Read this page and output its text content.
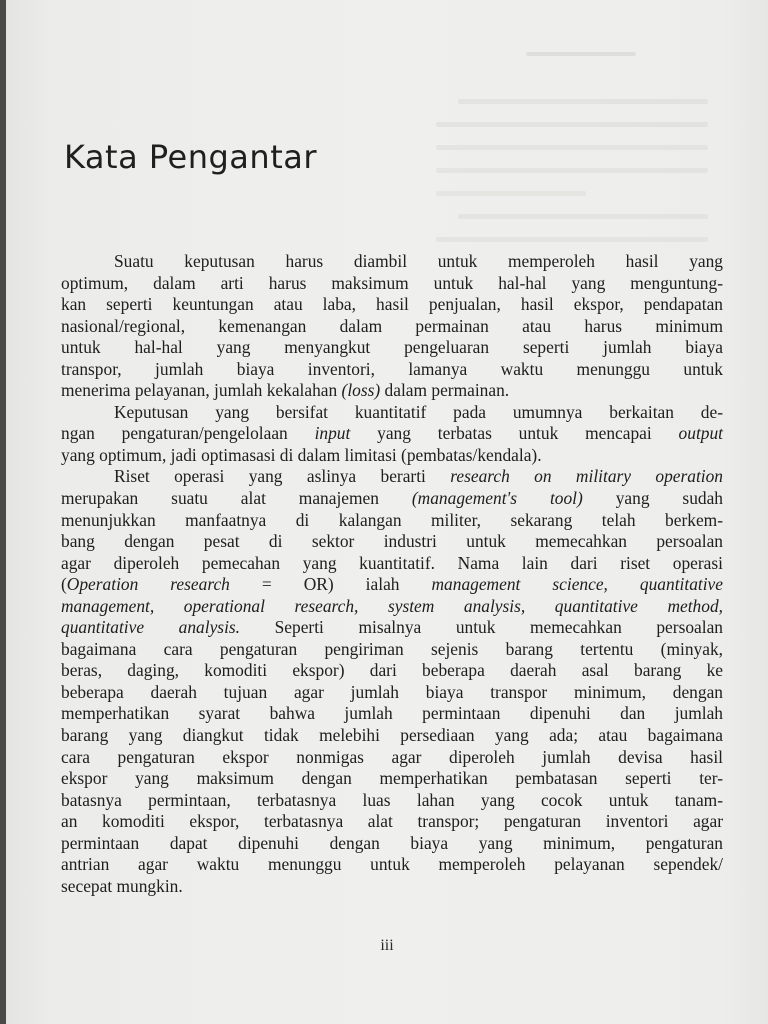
Kata Pengantar
Suatu keputusan harus diambil untuk memperoleh hasil yang
optimum, dalam arti harus maksimum untuk hal-hal yang menguntung-
kan seperti keuntungan atau laba, hasil penjualan, hasil ekspor, pendapatan
nasional/regional, kemenangan dalam permainan atau harus minimum
untuk hal-hal yang menyangkut pengeluaran seperti jumlah biaya
transpor, jumlah biaya inventori, lamanya waktu menunggu untuk
menerima pelayanan, jumlah kekalahan (loss) dalam permainan.
Keputusan yang bersifat kuantitatif pada umumnya berkaitan de-
ngan pengaturan/pengelolaan input yang terbatas untuk mencapai output
yang optimum, jadi optimasasi di dalam limitasi (pembatas/kendala).
Riset operasi yang aslinya berarti research on military operation
merupakan suatu alat manajemen (management's tool) yang sudah
menunjukkan manfaatnya di kalangan militer, sekarang telah berkem-
bang dengan pesat di sektor industri untuk memecahkan persoalan
agar diperoleh pemecahan yang kuantitatif. Nama lain dari riset operasi
(Operation research = OR) ialah management science, quantitative
management, operational research, system analysis, quantitative method,
quantitative analysis. Seperti misalnya untuk memecahkan persoalan
bagaimana cara pengaturan pengiriman sejenis barang tertentu (minyak,
beras, daging, komoditi ekspor) dari beberapa daerah asal barang ke
beberapa daerah tujuan agar jumlah biaya transpor minimum, dengan
memperhatikan syarat bahwa jumlah permintaan dipenuhi dan jumlah
barang yang diangkut tidak melebihi persediaan yang ada; atau bagaimana
cara pengaturan ekspor nonmigas agar diperoleh jumlah devisa hasil
ekspor yang maksimum dengan memperhatikan pembatasan seperti ter-
batasnya permintaan, terbatasnya luas lahan yang cocok untuk tanam-
an komoditi ekspor, terbatasnya alat transpor; pengaturan inventori agar
permintaan dapat dipenuhi dengan biaya yang minimum, pengaturan
antrian agar waktu menunggu untuk memperoleh pelayanan sependek/
secepat mungkin.
iii
